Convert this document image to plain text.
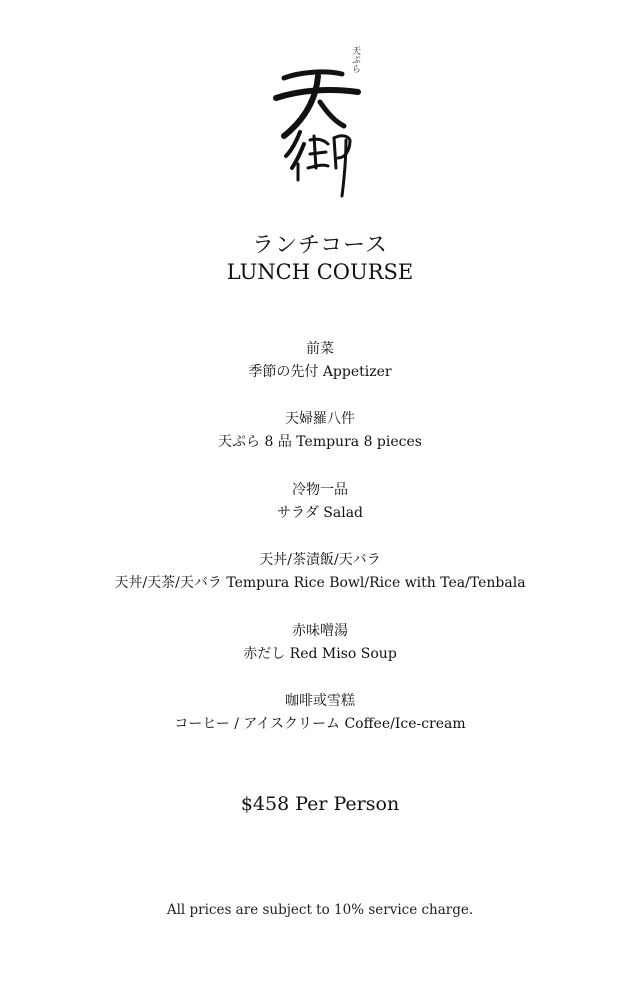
天ぷら
ランチコース
LUNCH COURSE
前菜
季節の先付 Appetizer
天婦羅八件
天ぷら 8 品 Tempura 8 pieces
冷物一品
サラダ Salad
天丼/茶漬飯/天バラ
天丼/天茶/天バラ Tempura Rice Bowl/Rice with Tea/Tenbala
赤味噌湯
赤だし Red Miso Soup
咖啡或雪糕
コーヒー / アイスクリーム Coffee/Ice-cream
$458 Per Person
All prices are subject to 10% service charge.
